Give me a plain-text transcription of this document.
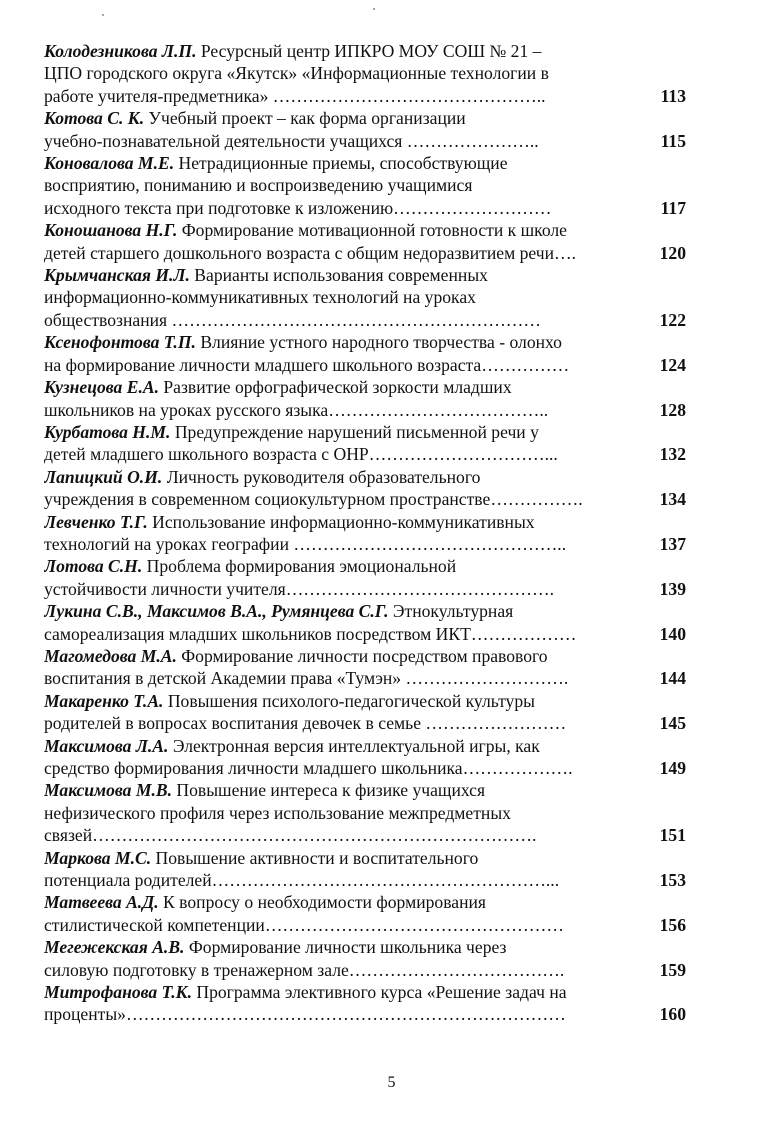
Колодезникова Л.П. Ресурсный центр ИПКРО МОУ СОШ № 21 –
ЦПО городского округа «Якутск» «Информационные технологии в
работе учителя-предметника» ………………………………………..	113
Котова С. К. Учебный проект – как форма организации
учебно-познавательной деятельности учащихся …………………..	115
Коновалова М.Е. Нетрадиционные приемы, способствующие
восприятию, пониманию и воспроизведению учащимися
исходного текста при подготовке к изложению………………………	117
Коношанова Н.Г. Формирование мотивационной готовности к школе
детей старшего дошкольного возраста с общим недоразвитием речи….	120
Крымчанская И.Л. Варианты использования современных
информационно-коммуникативных технологий на уроках
обществознания ………………………………………………………	122
Ксенофонтова Т.П. Влияние устного народного творчества - олонхо
на формирование личности младшего школьного возраста……………	124
Кузнецова Е.А. Развитие орфографической зоркости младших
школьников на уроках русского языка………………………………..	128
Курбатова Н.М. Предупреждение нарушений письменной речи у
детей младшего школьного возраста с ОНР…………………………...	132
Лапицкий О.И. Личность руководителя образовательного
учреждения в современном социокультурном пространстве…………….	134
Левченко Т.Г. Использование информационно-коммуникативных
технологий на уроках географии ………………………………………..	137
Лотова С.Н. Проблема формирования эмоциональной
устойчивости личности учителя……………………………………….	139
Лукина С.В., Максимов В.А., Румянцева С.Г. Этнокультурная
самореализация младших школьников посредством ИКТ………………	140
Магомедова М.А. Формирование личности посредством правового
воспитания в детской Академии права «Тумэн» ……………………….	144
Макаренко Т.А. Повышения психолого-педагогической культуры
родителей в вопросах воспитания девочек в семье ……………………	145
Максимова Л.А. Электронная версия интеллектуальной игры, как
средство формирования личности младшего школьника……………….	149
Максимова М.В. Повышение интереса к физике учащихся
нефизического профиля через использование межпредметных
связей………………………………………………………………….	151
Маркова М.С. Повышение активности и воспитательного
потенциала родителей…………………………………………………...	153
Матвеева А.Д. К вопросу о необходимости формирования
стилистической компетенции……………………………………………	156
Мегежекская А.В. Формирование личности школьника через
силовую подготовку в тренажерном зале……………………………….	159
Митрофанова Т.К. Программа элективного курса «Решение задач на
проценты»…………………………………………………………………	160
5
